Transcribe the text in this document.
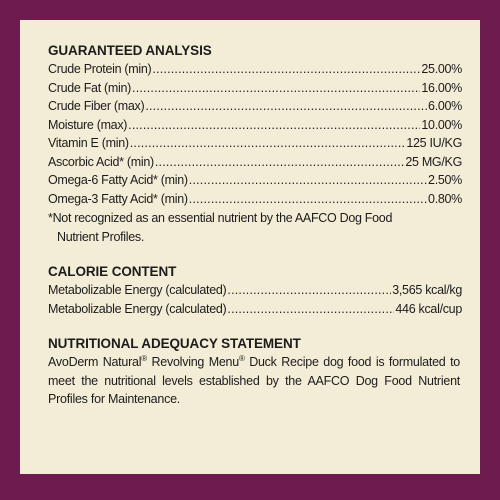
GUARANTEED ANALYSIS

Crude Protein (min) .....	25.00%
Crude Fat (min) .....	16.00%
Crude Fiber (max) .....	6.00%
Moisture (max) .....	10.00%
Vitamin E (min) .....	125 IU/KG
Ascorbic Acid* (min) .....	25 MG/KG
Omega-6 Fatty Acid* (min) .....	2.50%
Omega-3 Fatty Acid* (min) .....	0.80%
*Not recognized as an essential nutrient by the AAFCO Dog Food
Nutrient Profiles.

CALORIE CONTENT

Metabolizable Energy (calculated) .....	3,565 kcal/kg
Metabolizable Energy (calculated) .....	446 kcal/cup

NUTRITIONAL ADEQUACY STATEMENT

AvoDerm Natural® Revolving Menu® Duck Recipe dog food is formulated to meet the nutritional levels established by the AAFCO Dog Food Nutrient Profiles for Maintenance.
